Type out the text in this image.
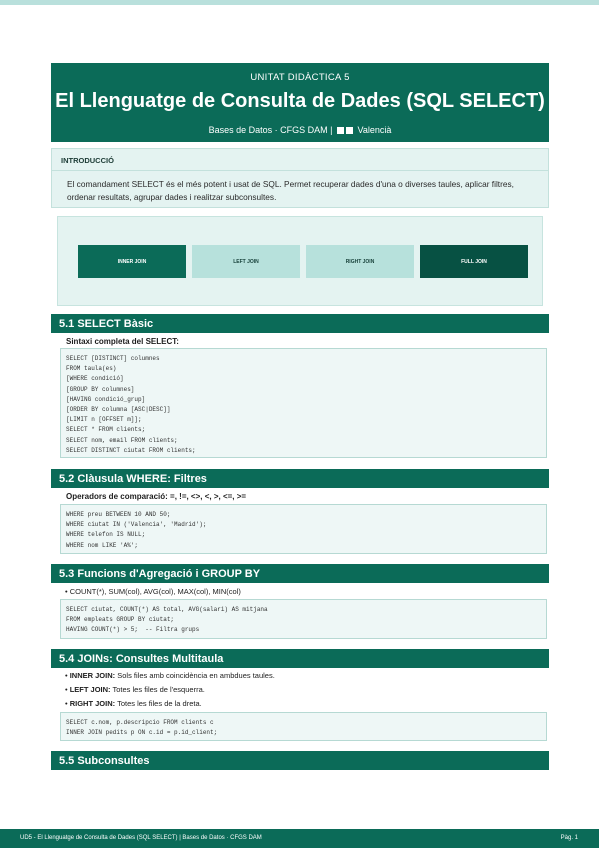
UNITAT DIDÀCTICA 5
El Llenguatge de Consulta de Dades (SQL SELECT)
Bases de Datos · CFGS DAM |	Valencià
INTRODUCCIÓ
El comandament SELECT és el més potent i usat de SQL. Permet recuperar dades d'una o diverses taules, aplicar filtres, ordenar resultats, agrupar dades i realitzar subconsultes.
INNER JOIN	LEFT JOIN	RIGHT JOIN	FULL JOIN
5.1 SELECT Bàsic
Sintaxi completa del SELECT:
SELECT [DISTINCT] columnes
FROM taula(es)
[WHERE condició]
[GROUP BY columnes]
[HAVING condició_grup]
[ORDER BY columna [ASC|DESC]]
[LIMIT n [OFFSET m]];
SELECT * FROM clients;
SELECT nom, email FROM clients;
SELECT DISTINCT ciutat FROM clients;
5.2 Clàusula WHERE: Filtres
Operadors de comparació: =, !=, <>, <, >, <=, >=
WHERE preu BETWEEN 10 AND 50;
WHERE ciutat IN ('Valencia', 'Madrid');
WHERE telefon IS NULL;
WHERE nom LIKE 'A%';
5.3 Funcions d'Agregació i GROUP BY
• COUNT(*), SUM(col), AVG(col), MAX(col), MIN(col)
SELECT ciutat, COUNT(*) AS total, AVG(salari) AS mitjana
FROM empleats GROUP BY ciutat;
HAVING COUNT(*) > 5;  -- Filtra grups
5.4 JOINs: Consultes Multitaula
• INNER JOIN: Sols files amb coincidència en ambdues taules.
• LEFT JOIN: Totes les files de l'esquerra.
• RIGHT JOIN: Totes les files de la dreta.
SELECT c.nom, p.descripcio FROM clients c
INNER JOIN pedits p ON c.id = p.id_client;
5.5 Subconsultes
UD5 - El Llenguatge de Consulta de Dades (SQL SELECT) | Bases de Datos · CFGS DAM	Pàg. 1
